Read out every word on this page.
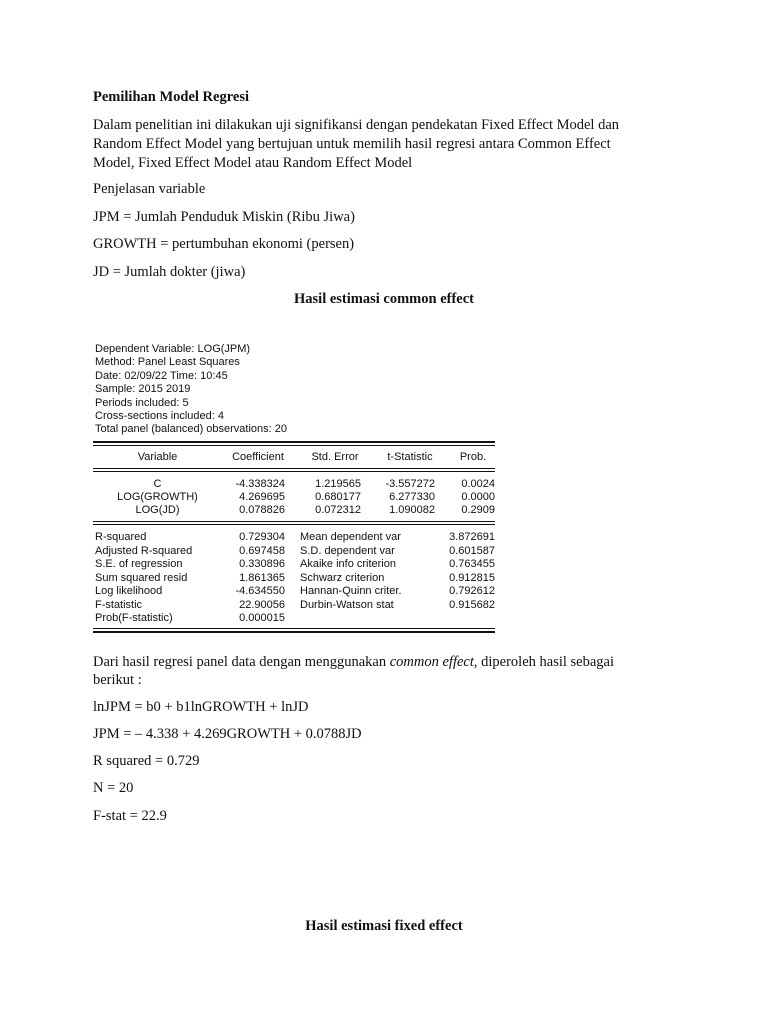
Pemilihan Model Regresi

Dalam penelitian ini dilakukan uji signifikansi dengan pendekatan Fixed Effect Model dan
Random Effect Model yang bertujuan untuk memilih hasil regresi antara Common Effect
Model, Fixed Effect Model atau Random Effect Model

Penjelasan variable

JPM = Jumlah Penduduk Miskin (Ribu Jiwa)

GROWTH = pertumbuhan ekonomi (persen)

JD = Jumlah dokter (jiwa)

Hasil estimasi common effect

Dependent Variable: LOG(JPM)
Method: Panel Least Squares
Date: 02/09/22 Time: 10:45
Sample: 2015 2019
Periods included: 5
Cross-sections included: 4
Total panel (balanced) observations: 20
Variable	Coefficient	Std. Error	t-Statistic	Prob.
C	-4.338324	1.219565	-3.557272	0.0024
LOG(GROWTH)	4.269695	0.680177	6.277330	0.0000
LOG(JD)	0.078826	0.072312	1.090082	0.2909
R-squared	0.729304 Mean dependent var	3.872691
Adjusted R-squared	0.697458 S.D. dependent var	0.601587
S.E. of regression	0.330896 Akaike info criterion	0.763455
Sum squared resid	1.861365 Schwarz criterion	0.912815
Log likelihood	-4.634550 Hannan-Quinn criter.	0.792612
F-statistic	22.90056 Durbin-Watson stat	0.915682
Prob(F-statistic)	0.000015

Dari hasil regresi panel data dengan menggunakan common effect, diperoleh hasil sebagai

berikut :

lnJPM = b0 + b1lnGROWTH + lnJD

JPM = – 4.338 + 4.269GROWTH + 0.0788JD

R squared = 0.729

N = 20

F-stat = 22.9

Hasil estimasi fixed effect
